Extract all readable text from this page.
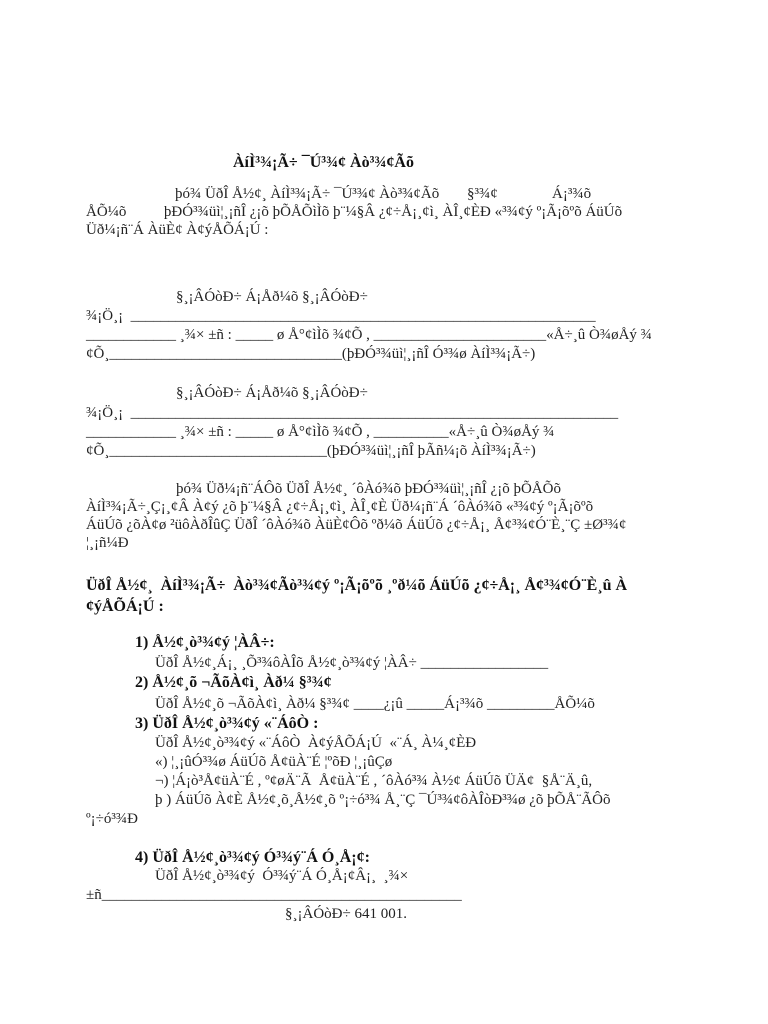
ÀíÌ³¾¡Ã÷ ¯Ú³¾¢ Àò³¾¢Ãõ
þó¾ ÜðÎ Å½¢¸ ÀíÌ³¾¡Ã÷ ¯Ú³¾¢ Àò³¾¢Ãõ §³¾¢	Á¡³¾õ
ÅÕ¼õ          þÐÓ³¾üì¦¸¡ñÎ ¿¡õ þÕÅÕìÌõ þ¨¼§Â ¿¢÷Å¡¸¢ì¸ ÀÎ¸¢ÈÐ «³¾¢ý º¡Ã¡õºõ ÁüÚõ
Üð¼¡ñ¨Á ÀüÈ¢ À¢ýÅÕÁ¡Ú :
§¸¡ÂÓòÐ÷ Á¡Åð¼õ §¸¡ÂÓòÐ÷
¾¡Ö¸¡  ______________________________________________________________
____________ ¸¾× ±ñ : _____ ø Å°¢ìÌõ ¾¢Õ , _______________________«Å÷¸û Ò¾øÅý ¾
¢Õ¸_______________________________(þÐÓ³¾üì¦¸¡ñÎ Ó³¾ø ÀíÌ³¾¡Ã÷)
§¸¡ÂÓòÐ÷ Á¡Åð¼õ §¸¡ÂÓòÐ÷
¾¡Ö¸¡  _________________________________________________________________
____________ ¸¾× ±ñ : _____ ø Å°¢ìÌõ ¾¢Õ , __________«Å÷¸û Ò¾øÅý ¾
¢Õ¸_____________________________(þÐÓ³¾üì¦¸¡ñÎ þÃñ¼¡õ ÀíÌ³¾¡Ã÷)
þó¾ Üð¼¡ñ¨ÁÔõ ÜðÎ Å½¢¸ ´ôÀó¾õ þÐÓ³¾üì¦¸¡ñÎ ¿¡õ þÕÅÕõ
ÀíÌ³¾¡Ã÷¸Ç¡¸¢Â À¢ý ¿õ þ¨¼§Â ¿¢÷Å¡¸¢ì¸ ÀÎ¸¢È Üð¼¡ñ¨Á ´ôÀó¾õ «³¾¢ý º¡Ã¡õºõ
ÁüÚõ ¿õÀ¢ø ²üôÀðÎûÇ ÜðÎ ´ôÀó¾õ ÀüÈ¢Ôõ ºð¼õ ÁüÚõ ¿¢÷Å¡¸ Å¢³¾¢Ó¨È¸¨Ç ±Ø³¾¢
¦¸¡ñ¼Ð
ÜðÎ Å½¢¸  ÀíÌ³¾¡Ã÷  Àò³¾¢Ãò³¾¢ý º¡Ã¡õºõ ¸ºð¼õ ÁüÚõ ¿¢÷Å¡¸ Å¢³¾¢Ó¨È¸û À
¢ýÅÕÁ¡Ú :
1) Å½¢¸ò³¾¢ý ¦ÀÂ÷:
ÜðÎ Å½¢¸Á¡¸ ¸Õ³¾ôÀÎõ Å½¢¸ò³¾¢ý ¦ÀÂ÷ _________________
2) Å½¢¸õ ¬ÃõÀ¢ì¸ Àð¼ §³¾¢
ÜðÎ Å½¢¸õ ¬ÃõÀ¢ì¸ Àð¼ §³¾¢ ____¿¡û _____Á¡³¾õ _________ÅÕ¼õ
3) ÜðÎ Å½¢¸ò³¾¢ý «¨ÁôÒ :
ÜðÎ Å½¢¸ò³¾¢ý «¨ÁôÒ  À¢ýÅÕÁ¡Ú  «¨Á¸ À¼¸¢ÈÐ
«) ¦¸¡ûÓ³¾ø ÁüÚõ Å¢üÀ¨É ¦ºõÐ ¦¸¡ûÇø
¬) ¦Á¡ò³Å¢üÀ¨É , º¢øÄ¨Ã  Å¢üÀ¨É , ´ôÀó³¾ À½¢ ÁüÚõ ÜÄ¢  §Å¨Ä¸û,
þ ) ÁüÚõ À¢È Å½¢¸õ¸Å½¢¸õ º¡÷ó³¾ Å¸¨Ç ¯Ú³¾¢ôÀÎòÐ³¾ø ¿õ þÕÅ¨ÃÔõ
º¡÷ó³¾Ð
4) ÜðÎ Å½¢¸ò³¾¢ý Ó³¾ý¨Á Ó¸Å¡¢:
ÜðÎ Å½¢¸ò³¾¢ý  Ó³¾ý¨Á Ó¸Å¡¢Â¡¸  ¸¾×
±ñ________________________________________________
§¸¡ÂÓòÐ÷ 641 001.
